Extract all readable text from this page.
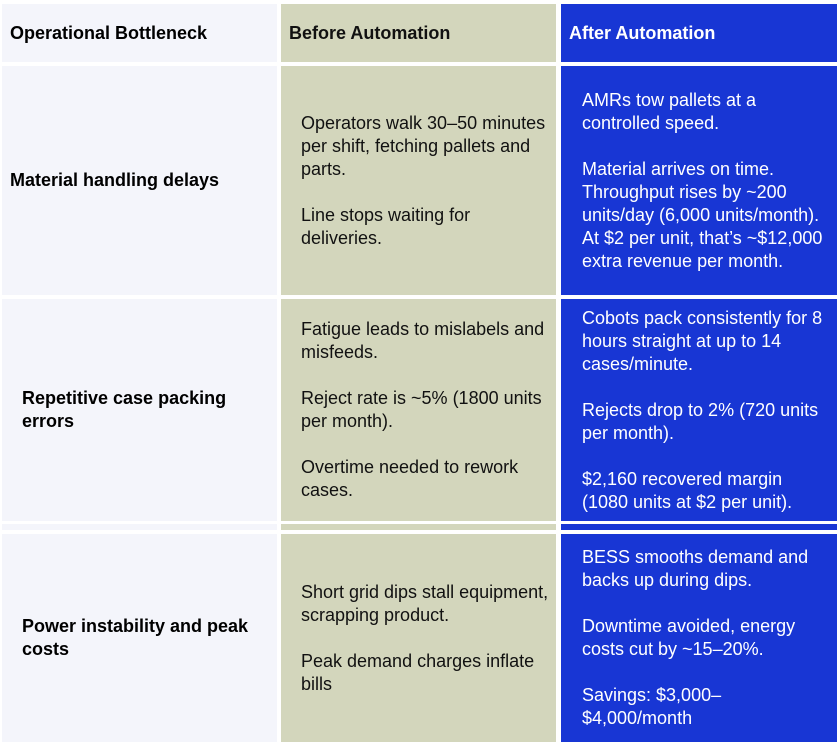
Operational Bottleneck	Before Automation	After Automation
Material handling delays

Operators walk 30–50 minutes per shift, fetching pallets and parts.

Line stops waiting for deliveries.

AMRs tow pallets at a controlled speed.

Material arrives on time. Throughput rises by ~200 units/day (6,000 units/month). At $2 per unit, that’s ~$12,000 extra revenue per month.

Repetitive case packing errors

Fatigue leads to mislabels and misfeeds.

Reject rate is ~5% (1800 units per month).

Overtime needed to rework cases.

Cobots pack consistently for 8 hours straight at up to 14 cases/minute.

Rejects drop to 2% (720 units per month).

$2,160 recovered margin (1080 units at $2 per unit).

Power instability and peak costs

Short grid dips stall equipment, scrapping product.

Peak demand charges inflate bills

BESS smooths demand and backs up during dips.

Downtime avoided, energy costs cut by ~15–20%.

Savings: $3,000–$4,000/month
